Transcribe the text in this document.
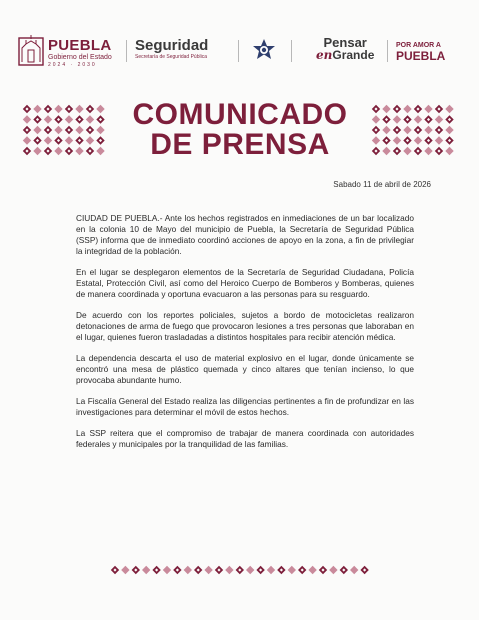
PUEBLA
Gobierno del Estado
2024 · 2030
Seguridad
Secretaría de Seguridad Pública
Pensar
enGrande
POR AMOR A
PUEBLA
COMUNICADO
DE PRENSA
Sabado 11 de abril de 2026

CIUDAD DE PUEBLA.- Ante los hechos registrados en inmediaciones de un bar localizado en la colonia 10 de Mayo del municipio de Puebla, la Secretaría de Seguridad Pública (SSP) informa que de inmediato coordinó acciones de apoyo en la zona, a fin de privilegiar la integridad de la población.

En el lugar se desplegaron elementos de la Secretaría de Seguridad Ciudadana, Policía Estatal, Protección Civil, así como del Heroico Cuerpo de Bomberos y Bomberas, quienes de manera coordinada y oportuna evacuaron a las personas para su resguardo.

De acuerdo con los reportes policiales, sujetos a bordo de motocicletas realizaron detonaciones de arma de fuego que provocaron lesiones a tres personas que laboraban en el lugar, quienes fueron trasladadas a distintos hospitales para recibir atención médica.

La dependencia descarta el uso de material explosivo en el lugar, donde únicamente se encontró una mesa de plástico quemada y cinco altares que tenían incienso, lo que provocaba abundante humo.

La Fiscalía General del Estado realiza las diligencias pertinentes a fin de profundizar en las investigaciones para determinar el móvil de estos hechos.

La SSP reitera que el compromiso de trabajar de manera coordinada con autoridades federales y municipales por la tranquilidad de las familias.
